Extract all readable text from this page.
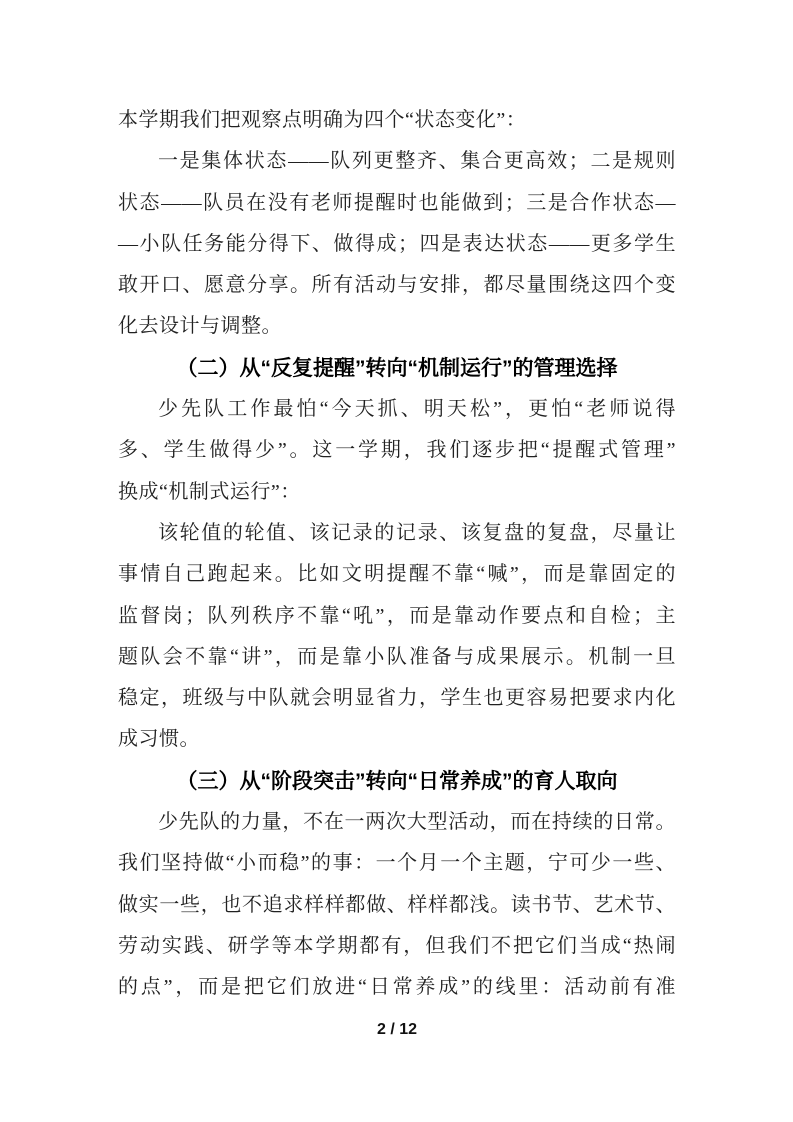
本学期我们把观察点明确为四个“状态变化”：
一是集体状态——队列更整齐、集合更高效；二是规则
状态——队员在没有老师提醒时也能做到；三是合作状态—
—小队任务能分得下、做得成；四是表达状态——更多学生
敢开口、愿意分享。所有活动与安排，都尽量围绕这四个变
化去设计与调整。
（二）从“反复提醒”转向“机制运行”的管理选择
少先队工作最怕“今天抓、明天松”，更怕“老师说得
多、学生做得少”。这一学期，我们逐步把“提醒式管理”
换成“机制式运行”：
该轮值的轮值、该记录的记录、该复盘的复盘，尽量让
事情自己跑起来。比如文明提醒不靠“喊”，而是靠固定的
监督岗；队列秩序不靠“吼”，而是靠动作要点和自检；主
题队会不靠“讲”，而是靠小队准备与成果展示。机制一旦
稳定，班级与中队就会明显省力，学生也更容易把要求内化
成习惯。
（三）从“阶段突击”转向“日常养成”的育人取向
少先队的力量，不在一两次大型活动，而在持续的日常。
我们坚持做“小而稳”的事：一个月一个主题，宁可少一些、
做实一些，也不追求样样都做、样样都浅。读书节、艺术节、
劳动实践、研学等本学期都有，但我们不把它们当成“热闹
的点”，而是把它们放进“日常养成”的线里：活动前有准
2 / 12
